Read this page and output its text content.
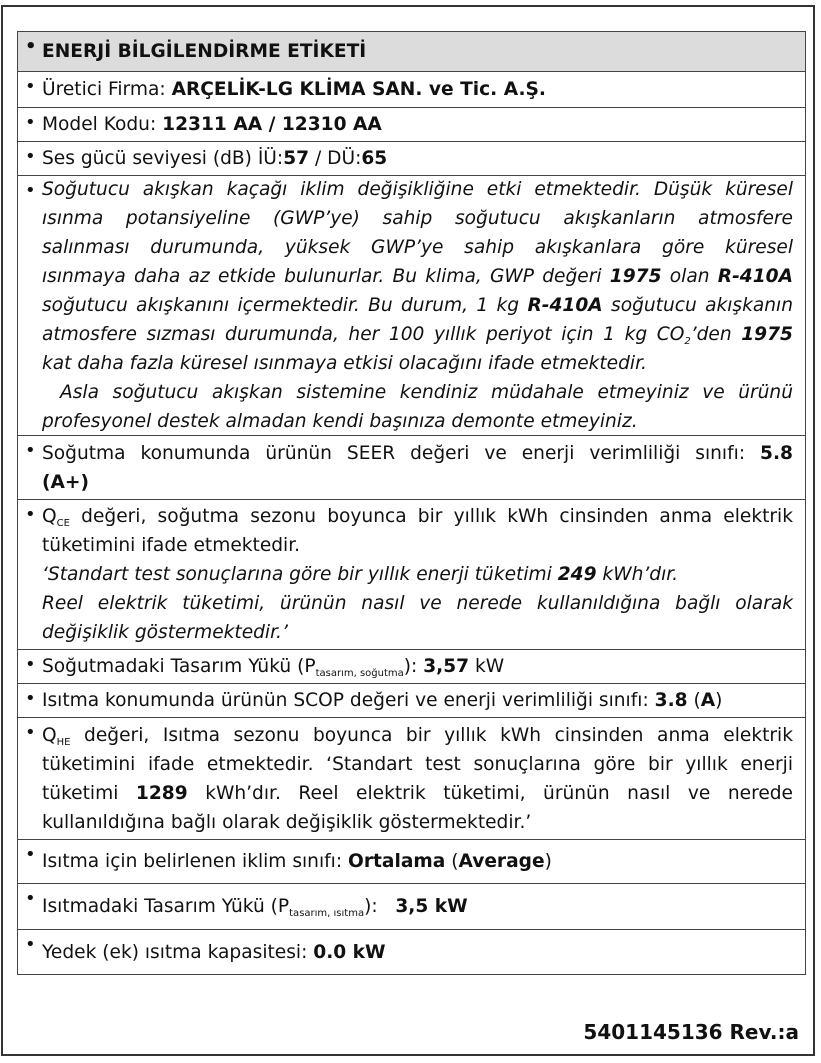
• ENERJİ BİLGİLENDİRME ETİKETİ
• Üretici Firma: ARÇELİK-LG KLİMA SAN. ve Tic. A.Ş.
• Model Kodu: 12311 AA / 12310 AA
• Ses gücü seviyesi (dB) İÜ:57 / DÜ:65
• Soğutucu akışkan kaçağı iklim değişikliğine etki etmektedir. Düşük küresel
ısınma potansiyeline (GWP’ye) sahip soğutucu akışkanların atmosfere
salınması durumunda, yüksek GWP’ye sahip akışkanlara göre küresel
ısınmaya daha az etkide bulunurlar. Bu klima, GWP değeri 1975 olan R-410A
soğutucu akışkanını içermektedir. Bu durum, 1 kg R-410A soğutucu akışkanın
atmosfere sızması durumunda, her 100 yıllık periyot için 1 kg $CO_2’den$ 1975
kat daha fazla küresel ısınmaya etkisi olacağını ifade etmektedir.
Asla soğutucu akışkan sistemine kendiniz müdahale etmeyiniz ve ürünü
profesyonel destek almadan kendi başınıza demonte etmeyiniz.
• Soğutma konumunda ürünün SEER değeri ve enerji verimliliği sınıfı: 5.8
(A+)
• $Q_{CE}$ değeri, soğutma sezonu boyunca bir yıllık kWh cinsinden anma elektrik
tüketimini ifade etmektedir.
‘Standart test sonuçlarına göre bir yıllık enerji tüketimi 249 kWh’dır.
Reel elektrik tüketimi, ürünün nasıl ve nerede kullanıldığına bağlı olarak
değişiklik göstermektedir.’
• Soğutmadaki Tasarım Yükü $(P_{tasarım, soğutma})$: 3,57 kW
• Isıtma konumunda ürünün SCOP değeri ve enerji verimliliği sınıfı: 3.8 (A)
• $Q_{HE}$ değeri, Isıtma sezonu boyunca bir yıllık kWh cinsinden anma elektrik
tüketimini ifade etmektedir. ‘Standart test sonuçlarına göre bir yıllık enerji
tüketimi 1289 kWh’dır. Reel elektrik tüketimi, ürünün nasıl ve nerede
kullanıldığına bağlı olarak değişiklik göstermektedir.’
• Isıtma için belirlenen iklim sınıfı: Ortalama (Average)
• Isıtmadaki Tasarım Yükü $(P_{tasarım, ısıtma})$:   3,5 kW
• Yedek (ek) ısıtma kapasitesi: 0.0 kW
5401145136 Rev.:a
